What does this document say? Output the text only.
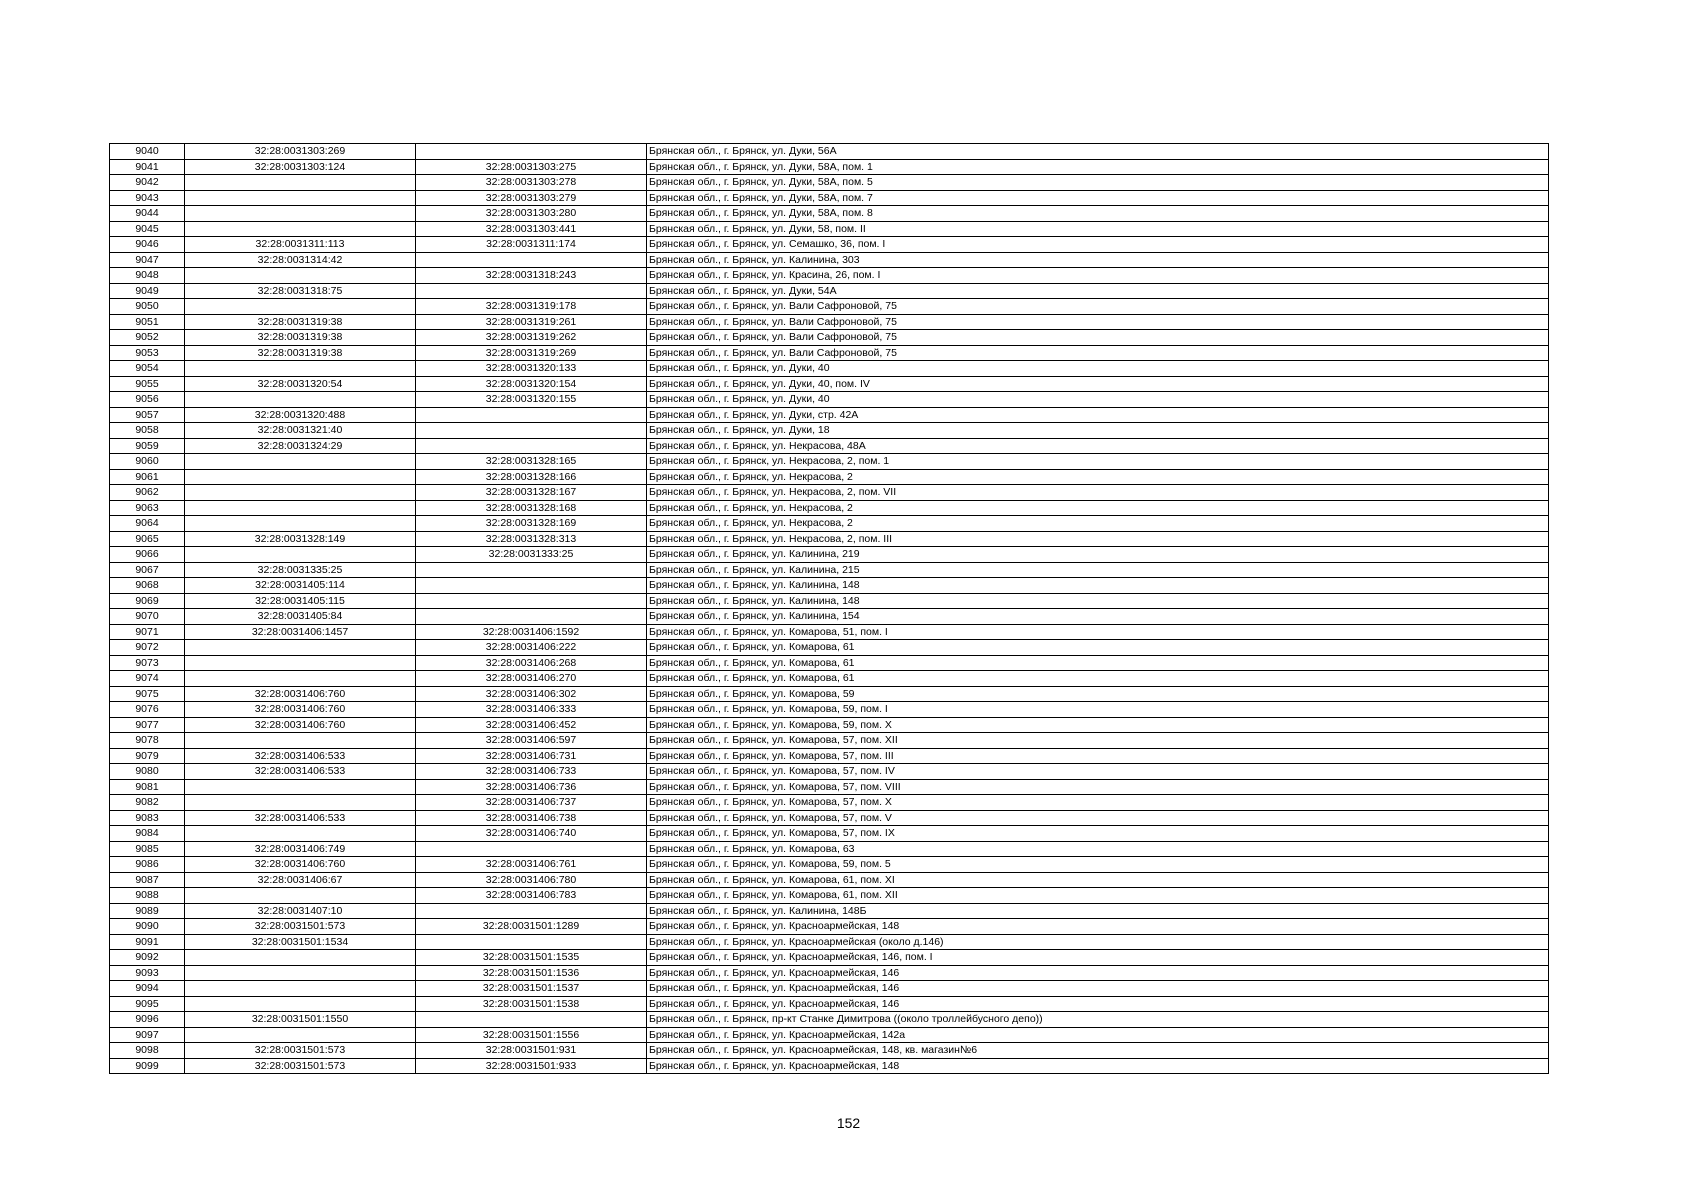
9040	32:28:0031303:269		Брянская обл., г. Брянск, ул. Дуки, 56А
9041	32:28:0031303:124	32:28:0031303:275	Брянская обл., г. Брянск, ул. Дуки, 58А, пом. 1
9042		32:28:0031303:278	Брянская обл., г. Брянск, ул. Дуки, 58А, пом. 5
9043		32:28:0031303:279	Брянская обл., г. Брянск, ул. Дуки, 58А, пом. 7
9044		32:28:0031303:280	Брянская обл., г. Брянск, ул. Дуки, 58А, пом. 8
9045		32:28:0031303:441	Брянская обл., г. Брянск, ул. Дуки, 58, пом. II
9046	32:28:0031311:113	32:28:0031311:174	Брянская обл., г. Брянск, ул. Семашко, 36, пом. I
9047	32:28:0031314:42		Брянская обл., г. Брянск, ул. Калинина, 303
9048		32:28:0031318:243	Брянская обл., г. Брянск, ул. Красина, 26, пом. I
9049	32:28:0031318:75		Брянская обл., г. Брянск, ул. Дуки, 54А
9050		32:28:0031319:178	Брянская обл., г. Брянск, ул. Вали Сафроновой, 75
9051	32:28:0031319:38	32:28:0031319:261	Брянская обл., г. Брянск, ул. Вали Сафроновой, 75
9052	32:28:0031319:38	32:28:0031319:262	Брянская обл., г. Брянск, ул. Вали Сафроновой, 75
9053	32:28:0031319:38	32:28:0031319:269	Брянская обл., г. Брянск, ул. Вали Сафроновой, 75
9054		32:28:0031320:133	Брянская обл., г. Брянск, ул. Дуки, 40
9055	32:28:0031320:54	32:28:0031320:154	Брянская обл., г. Брянск, ул. Дуки, 40, пом. IV
9056		32:28:0031320:155	Брянская обл., г. Брянск, ул. Дуки, 40
9057	32:28:0031320:488		Брянская обл., г. Брянск, ул. Дуки, стр. 42А
9058	32:28:0031321:40		Брянская обл., г. Брянск, ул. Дуки, 18
9059	32:28:0031324:29		Брянская обл., г. Брянск, ул. Некрасова, 48А
9060		32:28:0031328:165	Брянская обл., г. Брянск, ул. Некрасова, 2, пом. 1
9061		32:28:0031328:166	Брянская обл., г. Брянск, ул. Некрасова, 2
9062		32:28:0031328:167	Брянская обл., г. Брянск, ул. Некрасова, 2, пом. VII
9063		32:28:0031328:168	Брянская обл., г. Брянск, ул. Некрасова, 2
9064		32:28:0031328:169	Брянская обл., г. Брянск, ул. Некрасова, 2
9065	32:28:0031328:149	32:28:0031328:313	Брянская обл., г. Брянск, ул. Некрасова, 2, пом. III
9066		32:28:0031333:25	Брянская обл., г. Брянск, ул. Калинина, 219
9067	32:28:0031335:25		Брянская обл., г. Брянск, ул. Калинина, 215
9068	32:28:0031405:114		Брянская обл., г. Брянск, ул. Калинина, 148
9069	32:28:0031405:115		Брянская обл., г. Брянск, ул. Калинина, 148
9070	32:28:0031405:84		Брянская обл., г. Брянск, ул. Калинина, 154
9071	32:28:0031406:1457	32:28:0031406:1592	Брянская обл., г. Брянск, ул. Комарова, 51, пом. I
9072		32:28:0031406:222	Брянская обл., г. Брянск, ул. Комарова, 61
9073		32:28:0031406:268	Брянская обл., г. Брянск, ул. Комарова, 61
9074		32:28:0031406:270	Брянская обл., г. Брянск, ул. Комарова, 61
9075	32:28:0031406:760	32:28:0031406:302	Брянская обл., г. Брянск, ул. Комарова, 59
9076	32:28:0031406:760	32:28:0031406:333	Брянская обл., г. Брянск, ул. Комарова, 59, пом. I
9077	32:28:0031406:760	32:28:0031406:452	Брянская обл., г. Брянск, ул. Комарова, 59, пом. X
9078		32:28:0031406:597	Брянская обл., г. Брянск, ул. Комарова, 57, пом. XII
9079	32:28:0031406:533	32:28:0031406:731	Брянская обл., г. Брянск, ул. Комарова, 57, пом. III
9080	32:28:0031406:533	32:28:0031406:733	Брянская обл., г. Брянск, ул. Комарова, 57, пом. IV
9081		32:28:0031406:736	Брянская обл., г. Брянск, ул. Комарова, 57, пом. VIII
9082		32:28:0031406:737	Брянская обл., г. Брянск, ул. Комарова, 57, пом. X
9083	32:28:0031406:533	32:28:0031406:738	Брянская обл., г. Брянск, ул. Комарова, 57, пом. V
9084		32:28:0031406:740	Брянская обл., г. Брянск, ул. Комарова, 57, пом. IX
9085	32:28:0031406:749		Брянская обл., г. Брянск, ул. Комарова, 63
9086	32:28:0031406:760	32:28:0031406:761	Брянская обл., г. Брянск, ул. Комарова, 59, пом. 5
9087	32:28:0031406:67	32:28:0031406:780	Брянская обл., г. Брянск, ул. Комарова, 61, пом. XI
9088		32:28:0031406:783	Брянская обл., г. Брянск, ул. Комарова, 61, пом. XII
9089	32:28:0031407:10		Брянская обл., г. Брянск, ул. Калинина, 148Б
9090	32:28:0031501:573	32:28:0031501:1289	Брянская обл., г. Брянск, ул. Красноармейская, 148
9091	32:28:0031501:1534		Брянская обл., г. Брянск, ул. Красноармейская (около д.146)
9092		32:28:0031501:1535	Брянская обл., г. Брянск, ул. Красноармейская, 146, пом. I
9093		32:28:0031501:1536	Брянская обл., г. Брянск, ул. Красноармейская, 146
9094		32:28:0031501:1537	Брянская обл., г. Брянск, ул. Красноармейская, 146
9095		32:28:0031501:1538	Брянская обл., г. Брянск, ул. Красноармейская, 146
9096	32:28:0031501:1550		Брянская обл., г. Брянск, пр-кт Станке Димитрова ((около троллейбусного депо))
9097		32:28:0031501:1556	Брянская обл., г. Брянск, ул. Красноармейская, 142а
9098	32:28:0031501:573	32:28:0031501:931	Брянская обл., г. Брянск, ул. Красноармейская, 148, кв. магазин№6
9099	32:28:0031501:573	32:28:0031501:933	Брянская обл., г. Брянск, ул. Красноармейская, 148
152
